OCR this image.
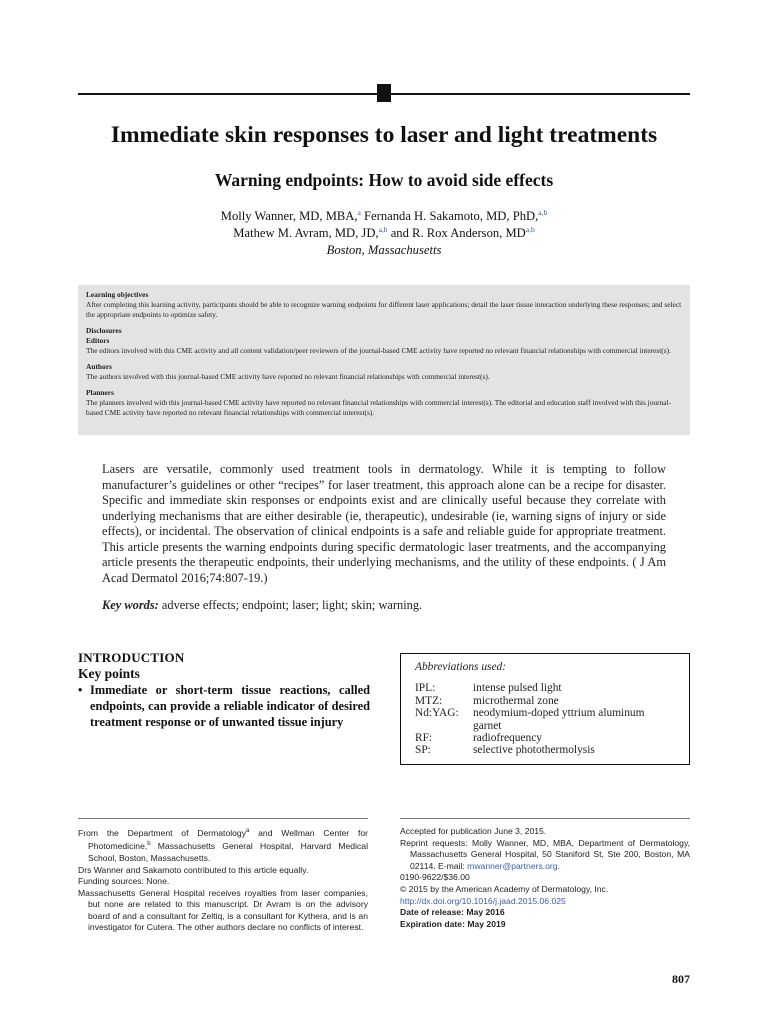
Immediate skin responses to laser and light treatments
Warning endpoints: How to avoid side effects
Molly Wanner, MD, MBA,$^a$ Fernanda H. Sakamoto, MD, PhD,$^{a,b}$
Mathew M. Avram, MD, JD,$^{a,b}$ and R. Rox Anderson, MD$^{a,b}$
Boston, Massachusetts
Learning objectives
After completing this learning activity, participants should be able to recognize warning endpoints for different laser applications; detail the laser tissue interaction underlying these responses; and select the appropriate endpoints to optimize safety.
Disclosures
Editors
The editors involved with this CME activity and all content validation/peer reviewers of the journal-based CME activity have reported no relevant financial relationships with commercial interest(s).
Authors
The authors involved with this journal-based CME activity have reported no relevant financial relationships with commercial interest(s).
Planners
The planners involved with this journal-based CME activity have reported no relevant financial relationships with commercial interest(s). The editorial and education staff involved with this journal-based CME activity have reported no relevant financial relationships with commercial interest(s).

Lasers are versatile, commonly used treatment tools in dermatology. While it is tempting to follow manufacturer’s guidelines or other “recipes” for laser treatment, this approach alone can be a recipe for disaster. Specific and immediate skin responses or endpoints exist and are clinically useful because they correlate with underlying mechanisms that are either desirable (ie, therapeutic), undesirable (ie, warning signs of injury or side effects), or incidental. The observation of clinical endpoints is a safe and reliable guide for appropriate treatment. This article presents the warning endpoints during specific dermatologic laser treatments, and the accompanying article presents the therapeutic endpoints, their underlying mechanisms, and the utility of these endpoints. ( J Am Acad Dermatol 2016;74:807-19.)

Key words: adverse effects; endpoint; laser; light; skin; warning.

INTRODUCTION
Key points
• Immediate or short-term tissue reactions, called endpoints, can provide a reliable indicator of desired treatment response or of unwanted tissue injury
Abbreviations used:
IPL:	intense pulsed light
MTZ:	microthermal zone
Nd:YAG:	neodymium-doped yttrium aluminum garnet
RF:	radiofrequency
SP:	selective photothermolysis
From the Department of Dermatology$^a$ and Wellman Center for Photomedicine,$^b$ Massachusetts General Hospital, Harvard Medical School, Boston, Massachusetts.
Drs Wanner and Sakamoto contributed to this article equally.
Funding sources: None.
Massachusetts General Hospital receives royalties from laser companies, but none are related to this manuscript. Dr Avram is on the advisory board of and a consultant for Zeltiq, is a consultant for Kythera, and is an investigator for Cutera. The other authors declare no conflicts of interest.
Accepted for publication June 3, 2015.
Reprint requests: Molly Wanner, MD, MBA, Department of Dermatology, Massachusetts General Hospital, 50 Staniford St, Ste 200, Boston, MA 02114. E-mail: mwanner@partners.org.
0190-9622/$36.00
© 2015 by the American Academy of Dermatology, Inc.
http://dx.doi.org/10.1016/j.jaad.2015.06.025
Date of release: May 2016
Expiration date: May 2019
807
